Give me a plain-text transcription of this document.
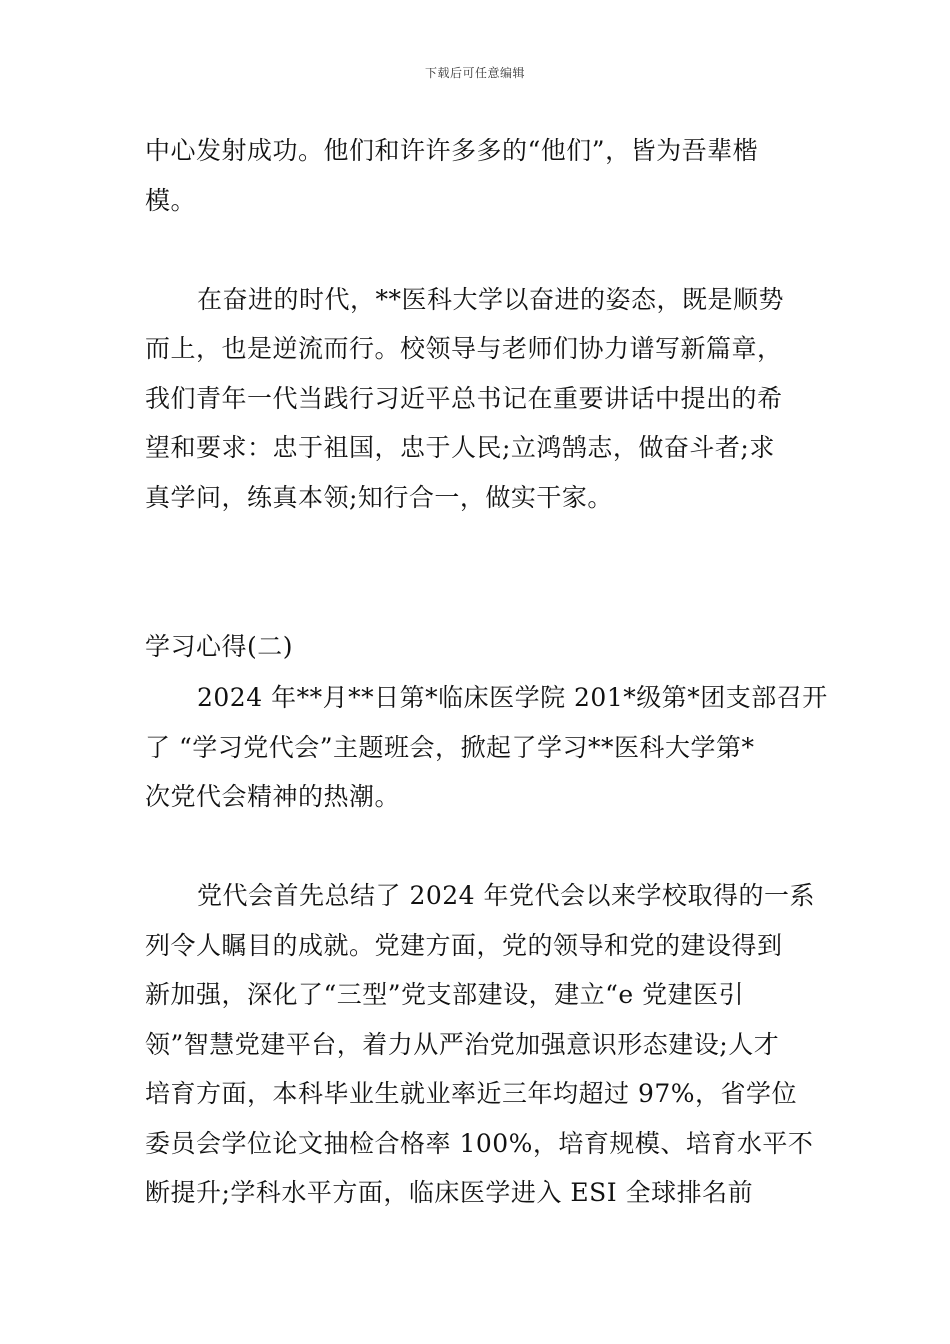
下载后可任意编辑
中心发射成功。他们和许许多多的“他们”，皆为吾辈楷
模。
在奋进的时代，**医科大学以奋进的姿态，既是顺势
而上，也是逆流而行。校领导与老师们协力谱写新篇章，
我们青年一代当践行习近平总书记在重要讲话中提出的希
望和要求：忠于祖国，忠于人民;立鸿鹄志，做奋斗者;求
真学问，练真本领;知行合一，做实干家。
学习心得(二)
2024 年**月**日第*临床医学院 201*级第*团支部召开
了 “学习党代会”主题班会，掀起了学习**医科大学第*
次党代会精神的热潮。
党代会首先总结了 2024 年党代会以来学校取得的一系
列令人瞩目的成就。党建方面，党的领导和党的建设得到
新加强，深化了“三型”党支部建设，建立“e 党建医引
领”智慧党建平台，着力从严治党加强意识形态建设;人才
培育方面，本科毕业生就业率近三年均超过 97%，省学位
委员会学位论文抽检合格率 100%，培育规模、培育水平不
断提升;学科水平方面，临床医学进入 ESI 全球排名前
